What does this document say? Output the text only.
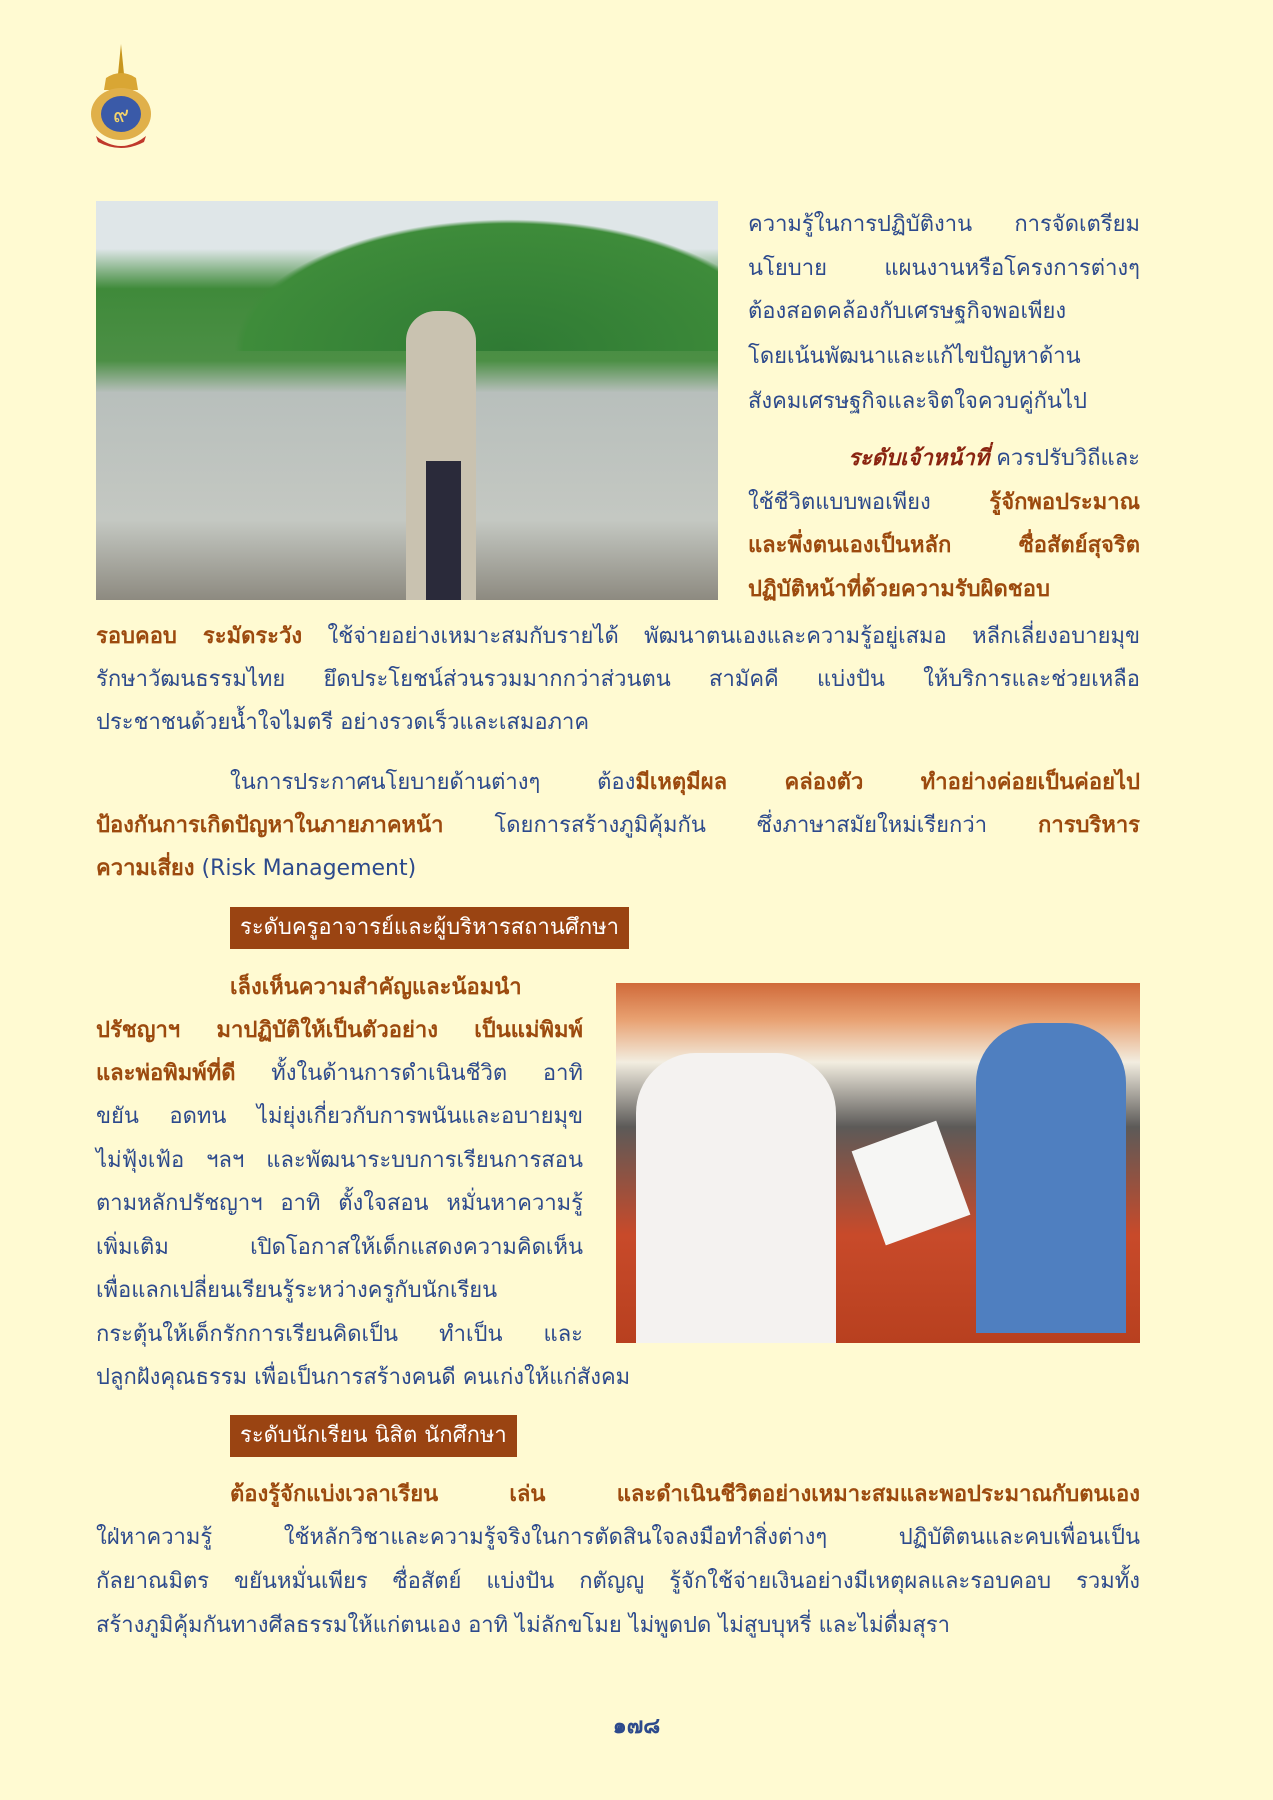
๙
ระดับครูอาจารย์และผู้บริหารสถานศึกษา
ระดับนักเรียน นิสิต นักศึกษา
ความรู้ในการปฏิบัติงาน การจัดเตรียม
นโยบาย แผนงานหรือโครงการต่างๆ
ต้องสอดคล้องกับเศรษฐกิจพอเพียง
โดยเน้นพัฒนาและแก้ไขปัญหาด้าน
สังคมเศรษฐกิจและจิตใจควบคู่กันไป
ระดับเจ้าหน้าที่ ควรปรับวิถีและ
ใช้ชีวิตแบบพอเพียง รู้จักพอประมาณ
และพึ่งตนเองเป็นหลัก ซื่อสัตย์สุจริต
ปฏิบัติหน้าที่ด้วยความรับผิดชอบ
รอบคอบ ระมัดระวัง ใช้จ่ายอย่างเหมาะสมกับรายได้ พัฒนาตนเองและความรู้อยู่เสมอ หลีกเลี่ยงอบายมุข
รักษาวัฒนธรรมไทย ยึดประโยชน์ส่วนรวมมากกว่าส่วนตน สามัคคี แบ่งปัน ให้บริการและช่วยเหลือ
ประชาชนด้วยน้ำใจไมตรี อย่างรวดเร็วและเสมอภาค
ในการประกาศนโยบายด้านต่างๆ ต้องมีเหตุมีผล คล่องตัว ทำอย่างค่อยเป็นค่อยไป
ป้องกันการเกิดปัญหาในภายภาคหน้า โดยการสร้างภูมิคุ้มกัน ซึ่งภาษาสมัยใหม่เรียกว่า การบริหาร
ความเสี่ยง (Risk Management)
เล็งเห็นความสำคัญและน้อมนำ
ปรัชญาฯ มาปฏิบัติให้เป็นตัวอย่าง เป็นแม่พิมพ์
และพ่อพิมพ์ที่ดี ทั้งในด้านการดำเนินชีวิต อาทิ
ขยัน อดทน ไม่ยุ่งเกี่ยวกับการพนันและอบายมุข
ไม่ฟุ้งเฟ้อ ฯลฯ และพัฒนาระบบการเรียนการสอน
ตามหลักปรัชญาฯ อาทิ ตั้งใจสอน หมั่นหาความรู้
เพิ่มเติม เปิดโอกาสให้เด็กแสดงความคิดเห็น
เพื่อแลกเปลี่ยนเรียนรู้ระหว่างครูกับนักเรียน
กระตุ้นให้เด็กรักการเรียนคิดเป็น ทำเป็น และ
ปลูกฝังคุณธรรม เพื่อเป็นการสร้างคนดี คนเก่งให้แก่สังคม
ต้องรู้จักแบ่งเวลาเรียน เล่น และดำเนินชีวิตอย่างเหมาะสมและพอประมาณกับตนเอง
ใฝ่หาความรู้ ใช้หลักวิชาและความรู้จริงในการตัดสินใจลงมือทำสิ่งต่างๆ ปฏิบัติตนและคบเพื่อนเป็น
กัลยาณมิตร ขยันหมั่นเพียร ซื่อสัตย์ แบ่งปัน กตัญญู รู้จักใช้จ่ายเงินอย่างมีเหตุผลและรอบคอบ รวมทั้ง
สร้างภูมิคุ้มกันทางศีลธรรมให้แก่ตนเอง อาทิ ไม่ลักขโมย ไม่พูดปด ไม่สูบบุหรี่ และไม่ดื่มสุรา
๑๗๘
